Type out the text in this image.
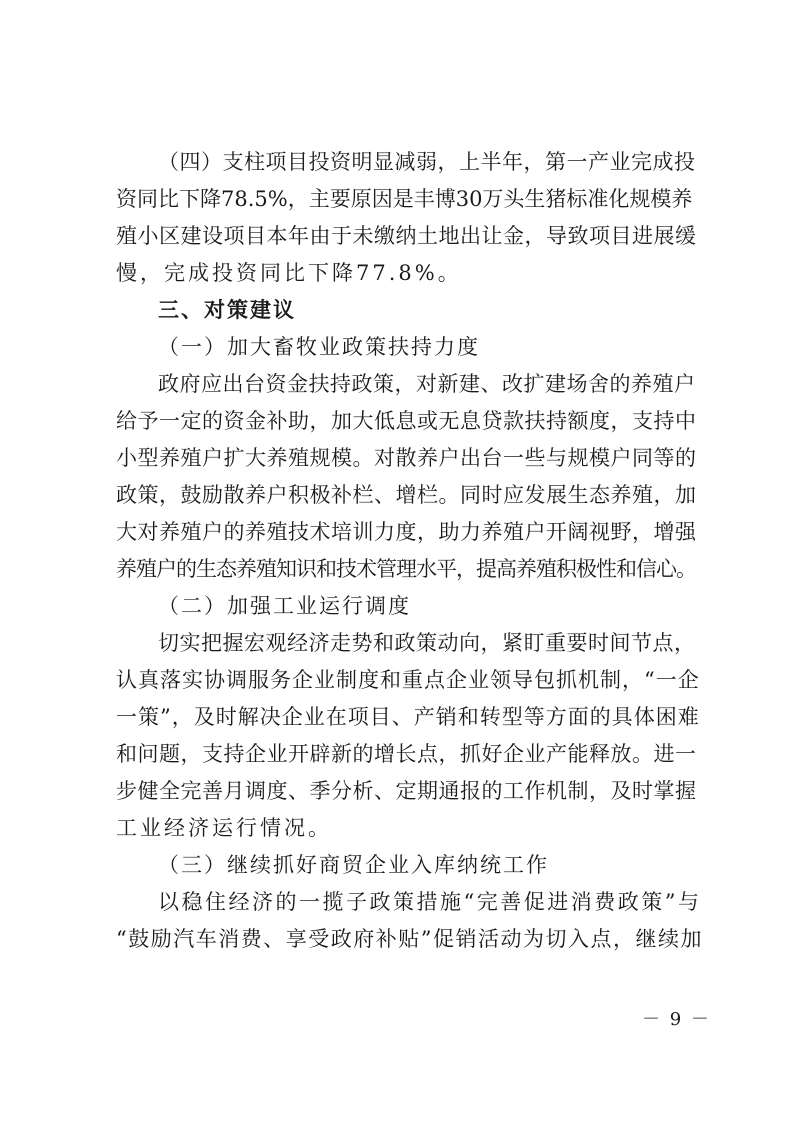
（四）支柱项目投资明显减弱，上半年，第一产业完成投
资同比下降78.5%，主要原因是丰博30万头生猪标准化规模养
殖小区建设项目本年由于未缴纳土地出让金，导致项目进展缓
慢，完成投资同比下降77.8%。
三、对策建议
（一）加大畜牧业政策扶持力度
政府应出台资金扶持政策，对新建、改扩建场舍的养殖户
给予一定的资金补助，加大低息或无息贷款扶持额度，支持中
小型养殖户扩大养殖规模。对散养户出台一些与规模户同等的
政策，鼓励散养户积极补栏、增栏。同时应发展生态养殖，加
大对养殖户的养殖技术培训力度，助力养殖户开阔视野，增强
养殖户的生态养殖知识和技术管理水平，提高养殖积极性和信心。
（二）加强工业运行调度
切实把握宏观经济走势和政策动向，紧盯重要时间节点，
认真落实协调服务企业制度和重点企业领导包抓机制，“一企
一策”，及时解决企业在项目、产销和转型等方面的具体困难
和问题，支持企业开辟新的增长点，抓好企业产能释放。进一
步健全完善月调度、季分析、定期通报的工作机制，及时掌握
工业经济运行情况。
（三）继续抓好商贸企业入库纳统工作
以稳住经济的一揽子政策措施“完善促进消费政策”与
“鼓励汽车消费、享受政府补贴”促销活动为切入点，继续加
－ 9 －
